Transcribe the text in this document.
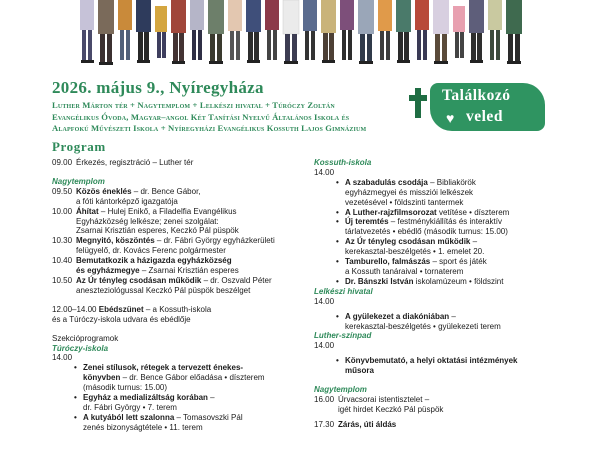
2026. május 9., Nyíregyháza
Luther Márton tér + Nagytemplom + Lelkészi hivatal + Túróczy Zoltán
Evangélikus Óvoda, Magyar–angol Két Tanítási Nyelvű Általános Iskola és
Alapfokú Művészeti Iskola + Nyíregyházi Evangélikus Kossuth Lajos Gimnázium
Találkozó
veled
♥
Program
09.00 Érkezés, regisztráció – Luther tér
Nagytemplom
09.50 Közös éneklés – dr. Bence Gábor,
a fóti kántorképző igazgatója
10.00 Áhítat – Hulej Enikő, a Filadelfia Evangélikus
Egyházközség lelkésze; zenei szolgálat:
Zsarnai Krisztián esperes, Keczkó Pál püspök
10.30 Megnyitó, köszöntés – dr. Fábri György egyházkerületi
felügyelő, dr. Kovács Ferenc polgármester
10.40 Bemutatkozik a házigazda egyházközség
és egyházmegye – Zsarnai Krisztián esperes
10.50 Az Úr tényleg csodásan működik – dr. Oszvald Péter
aneszteziológussal Keczkó Pál püspök beszélget
12.00–14.00 Ebédszünet – a Kossuth-iskola
és a Túróczy-iskola udvara és ebédlője
Szekcióprogramok
Túróczy-iskola
14.00
• Zenei stílusok, rétegek a tervezett énekes-
könyvben – dr. Bence Gábor előadása • díszterem
(második turnus: 15.00)
• Egyház a medializáltság korában –
dr. Fábri György • 7. terem
• A kutyából lett szalonna – Tomasovszki Pál
zenés bizonyságtétele • 11. terem
Kossuth-iskola
14.00
• A szabadulás csodája – Bibliakörök
egyházmegyei és missziói lelkészek
vezetésével • földszinti tantermek
• A Luther-rajzfilmsorozat vetítése • díszterem
• Új teremtés – festménykiállítás és interaktív
tárlatvezetés • ebédlő (második turnus: 15.00)
• Az Úr tényleg csodásan működik –
kerekasztal-beszélgetés • 1. emelet 20.
• Tamburello, falmászás – sport és játék
a Kossuth tanáraival • tornaterem
• Dr. Bánszki István iskolamúzeum • földszint
Lelkészi hivatal
14.00
• A gyülekezet a diakóniában –
kerekasztal-beszélgetés • gyülekezeti terem
Luther-színpad
14.00
• Könyvbemutató, a helyi oktatási intézmények
műsora
Nagytemplom
16.00 Úrvacsorai istentisztelet –
igét hirdet Keczkó Pál püspök
17.30 Zárás, úti áldás
